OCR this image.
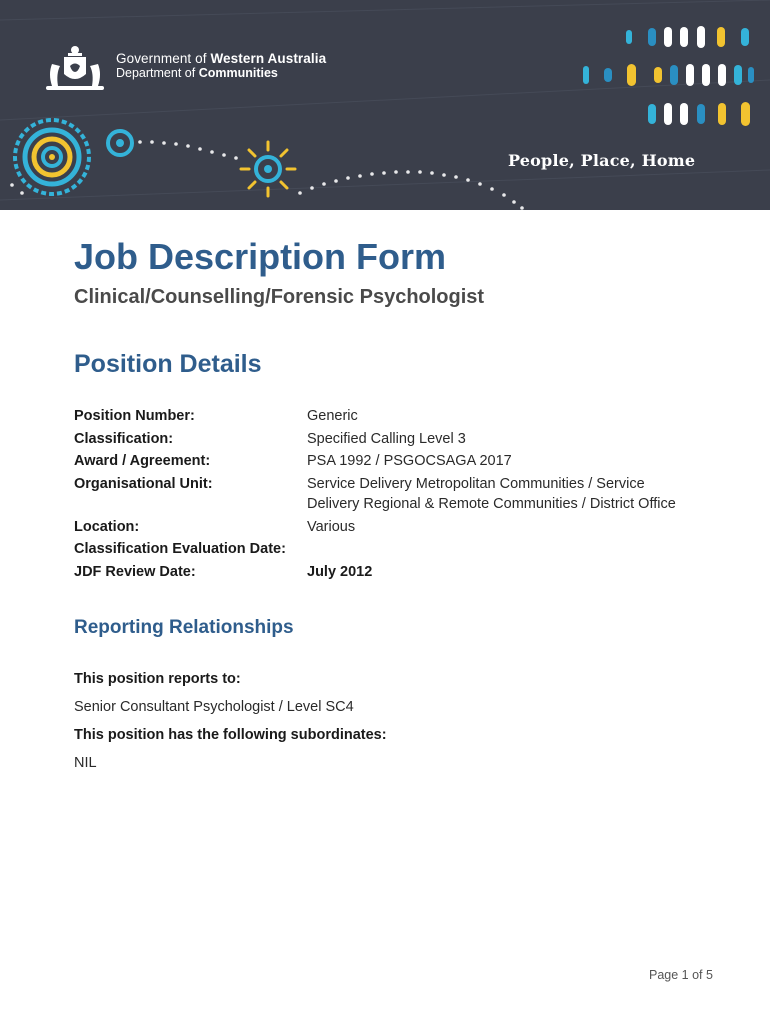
Government of Western Australia
Department of Communities
People, Place, Home
Job Description Form
Clinical/Counselling/Forensic Psychologist
Position Details
Position Number:	Generic
Classification:	Specified Calling Level 3
Award / Agreement:	PSA 1992 / PSGOCSAGA 2017
Organisational Unit:	Service Delivery Metropolitan Communities / Service Delivery Regional & Remote Communities / District Office
Location:	Various
Classification Evaluation Date:
JDF Review Date:	July 2012
Reporting Relationships
This position reports to:
Senior Consultant Psychologist / Level SC4
This position has the following subordinates:
NIL
Page 1 of 5
